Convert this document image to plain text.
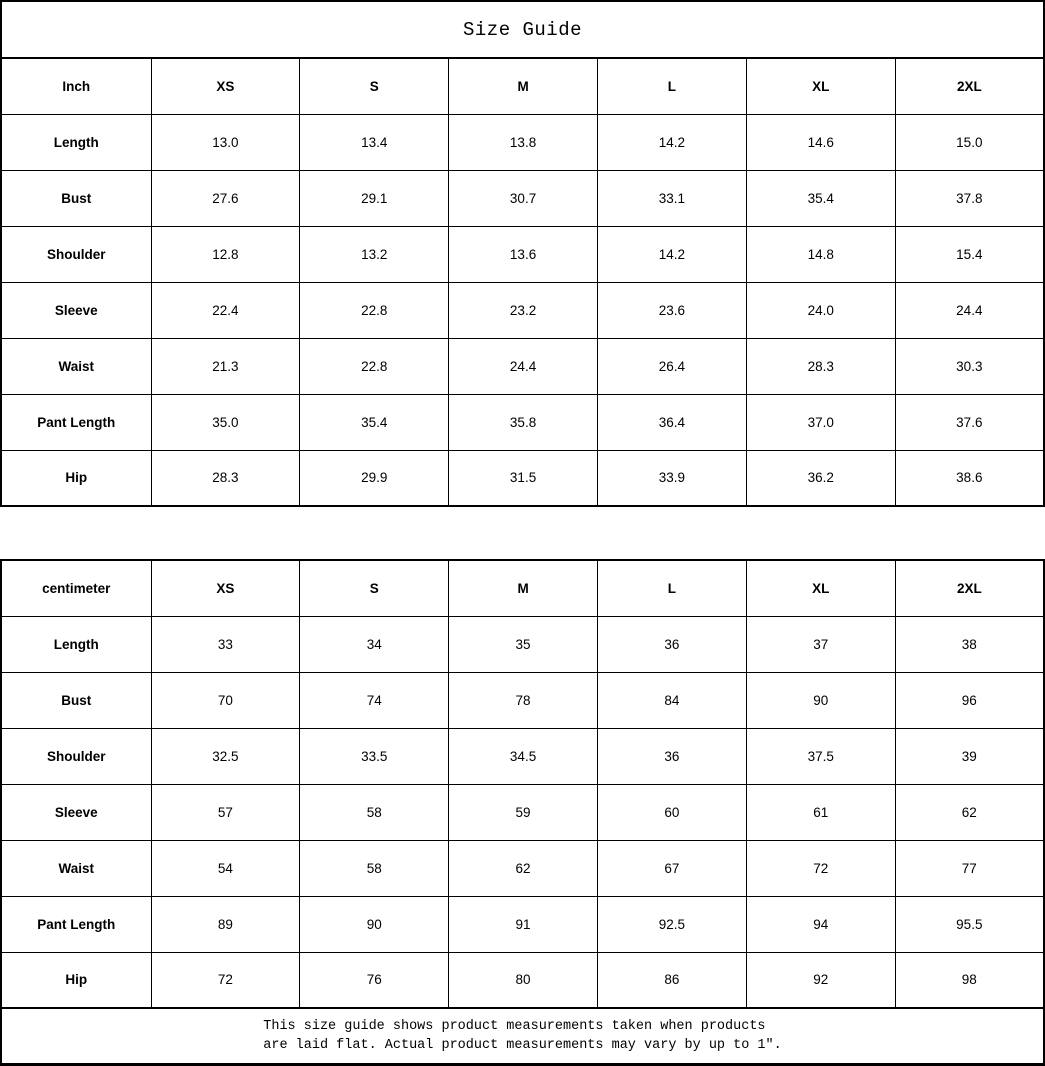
Size Guide
Inch	XS	S	M	L	XL	2XL
Length	13.0	13.4	13.8	14.2	14.6	15.0
Bust	27.6	29.1	30.7	33.1	35.4	37.8
Shoulder	12.8	13.2	13.6	14.2	14.8	15.4
Sleeve	22.4	22.8	23.2	23.6	24.0	24.4
Waist	21.3	22.8	24.4	26.4	28.3	30.3
Pant Length	35.0	35.4	35.8	36.4	37.0	37.6
Hip	28.3	29.9	31.5	33.9	36.2	38.6
centimeter	XS	S	M	L	XL	2XL
Length	33	34	35	36	37	38
Bust	70	74	78	84	90	96
Shoulder	32.5	33.5	34.5	36	37.5	39
Sleeve	57	58	59	60	61	62
Waist	54	58	62	67	72	77
Pant Length	89	90	91	92.5	94	95.5
Hip	72	76	80	86	92	98
This size guide shows product measurements taken when products
are laid flat. Actual product measurements may vary by up to 1″.
